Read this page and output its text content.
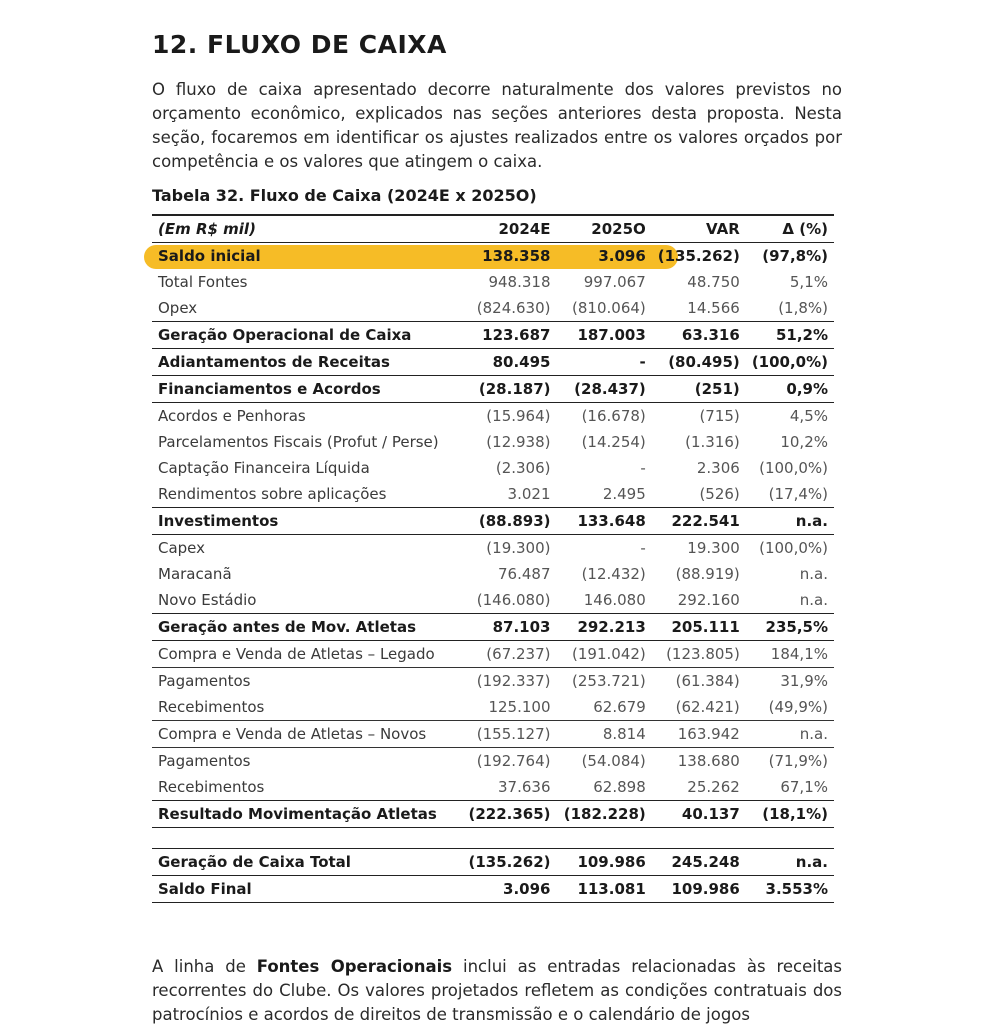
12. FLUXO DE CAIXA
O fluxo de caixa apresentado decorre naturalmente dos valores previstos no orçamento econômico, explicados nas seções anteriores desta proposta. Nesta seção, focaremos em identificar os ajustes realizados entre os valores orçados por competência e os valores que atingem o caixa.
Tabela 32. Fluxo de Caixa (2024E x 2025O)
(Em R$ mil)	2024E	2025O	VAR	Δ (%)
Saldo inicial	138.358	3.096	(135.262)	(97,8%)
Total Fontes	948.318	997.067	48.750	5,1%
Opex	(824.630)	(810.064)	14.566	(1,8%)
Geração Operacional de Caixa	123.687	187.003	63.316	51,2%
Adiantamentos de Receitas	80.495	-	(80.495)	(100,0%)
Financiamentos e Acordos	(28.187)	(28.437)	(251)	0,9%
Acordos e Penhoras	(15.964)	(16.678)	(715)	4,5%
Parcelamentos Fiscais (Profut / Perse)	(12.938)	(14.254)	(1.316)	10,2%
Captação Financeira Líquida	(2.306)	-	2.306	(100,0%)
Rendimentos sobre aplicações	3.021	2.495	(526)	(17,4%)
Investimentos	(88.893)	133.648	222.541	n.a.
Capex	(19.300)	-	19.300	(100,0%)
Maracanã	76.487	(12.432)	(88.919)	n.a.
Novo Estádio	(146.080)	146.080	292.160	n.a.
Geração antes de Mov. Atletas	87.103	292.213	205.111	235,5%
Compra e Venda de Atletas – Legado	(67.237)	(191.042)	(123.805)	184,1%
Pagamentos	(192.337)	(253.721)	(61.384)	31,9%
Recebimentos	125.100	62.679	(62.421)	(49,9%)
Compra e Venda de Atletas – Novos	(155.127)	8.814	163.942	n.a.
Pagamentos	(192.764)	(54.084)	138.680	(71,9%)
Recebimentos	37.636	62.898	25.262	67,1%
Resultado Movimentação Atletas	(222.365)	(182.228)	40.137	(18,1%)

Geração de Caixa Total	(135.262)	109.986	245.248	n.a.
Saldo Final	3.096	113.081	109.986	3.553%
A linha de Fontes Operacionais inclui as entradas relacionadas às receitas recorrentes do Clube. Os valores projetados refletem as condições contratuais dos patrocínios e acordos de direitos de transmissão e o calendário de jogos
